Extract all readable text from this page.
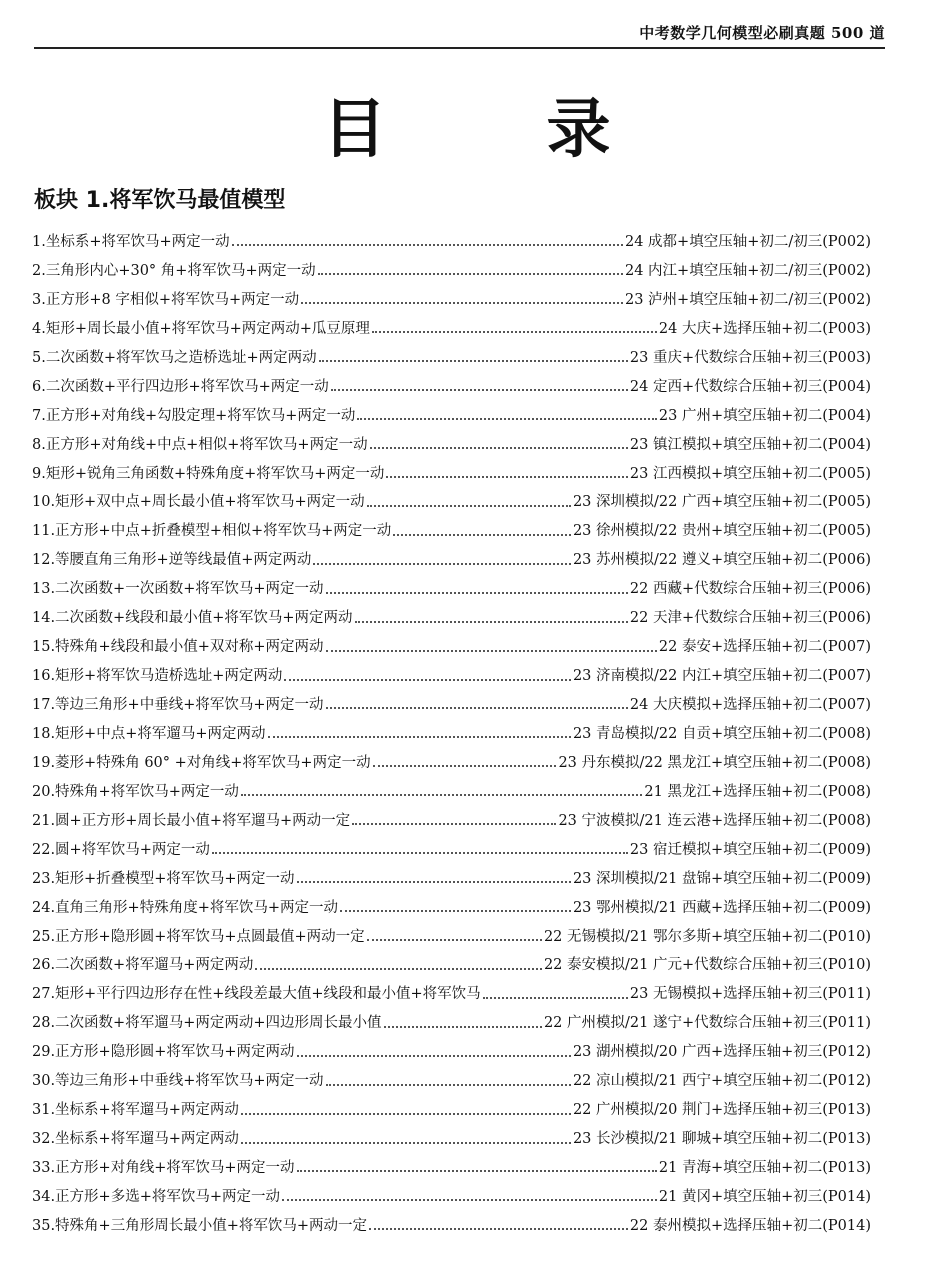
中考数学几何模型必刷真题 500 道
目	录
板块 1.将军饮马最值模型
1.坐标系+将军饮马+两定一动	24 成都+填空压轴+初二/初三(P002)
2.三角形内心+30° 角+将军饮马+两定一动	24 内江+填空压轴+初二/初三(P002)
3.正方形+8 字相似+将军饮马+两定一动	23 泸州+填空压轴+初二/初三(P002)
4.矩形+周长最小值+将军饮马+两定两动+瓜豆原理	24 大庆+选择压轴+初二(P003)
5.二次函数+将军饮马之造桥选址+两定两动	23 重庆+代数综合压轴+初三(P003)
6.二次函数+平行四边形+将军饮马+两定一动	24 定西+代数综合压轴+初三(P004)
7.正方形+对角线+勾股定理+将军饮马+两定一动	23 广州+填空压轴+初二(P004)
8.正方形+对角线+中点+相似+将军饮马+两定一动	23 镇江模拟+填空压轴+初二(P004)
9.矩形+锐角三角函数+特殊角度+将军饮马+两定一动	23 江西模拟+填空压轴+初二(P005)
10.矩形+双中点+周长最小值+将军饮马+两定一动	23 深圳模拟/22 广西+填空压轴+初二(P005)
11.正方形+中点+折叠模型+相似+将军饮马+两定一动	23 徐州模拟/22 贵州+填空压轴+初二(P005)
12.等腰直角三角形+逆等线最值+两定两动	23 苏州模拟/22 遵义+填空压轴+初二(P006)
13.二次函数+一次函数+将军饮马+两定一动	22 西藏+代数综合压轴+初三(P006)
14.二次函数+线段和最小值+将军饮马+两定两动	22 天津+代数综合压轴+初三(P006)
15.特殊角+线段和最小值+双对称+两定两动	22 泰安+选择压轴+初二(P007)
16.矩形+将军饮马造桥选址+两定两动	23 济南模拟/22 内江+填空压轴+初二(P007)
17.等边三角形+中垂线+将军饮马+两定一动	24 大庆模拟+选择压轴+初二(P007)
18.矩形+中点+将军遛马+两定两动	23 青岛模拟/22 自贡+填空压轴+初二(P008)
19.菱形+特殊角 60° +对角线+将军饮马+两定一动	23 丹东模拟/22 黑龙江+填空压轴+初二(P008)
20.特殊角+将军饮马+两定一动	21 黑龙江+选择压轴+初二(P008)
21.圆+正方形+周长最小值+将军遛马+两动一定	23 宁波模拟/21 连云港+选择压轴+初二(P008)
22.圆+将军饮马+两定一动	23 宿迁模拟+填空压轴+初二(P009)
23.矩形+折叠模型+将军饮马+两定一动	23 深圳模拟/21 盘锦+填空压轴+初二(P009)
24.直角三角形+特殊角度+将军饮马+两定一动	23 鄂州模拟/21 西藏+选择压轴+初二(P009)
25.正方形+隐形圆+将军饮马+点圆最值+两动一定	22 无锡模拟/21 鄂尔多斯+填空压轴+初二(P010)
26.二次函数+将军遛马+两定两动	22 泰安模拟/21 广元+代数综合压轴+初三(P010)
27.矩形+平行四边形存在性+线段差最大值+线段和最小值+将军饮马	23 无锡模拟+选择压轴+初三(P011)
28.二次函数+将军遛马+两定两动+四边形周长最小值	22 广州模拟/21 遂宁+代数综合压轴+初三(P011)
29.正方形+隐形圆+将军饮马+两定两动	23 湖州模拟/20 广西+选择压轴+初三(P012)
30.等边三角形+中垂线+将军饮马+两定一动	22 凉山模拟/21 西宁+填空压轴+初二(P012)
31.坐标系+将军遛马+两定两动	22 广州模拟/20 荆门+选择压轴+初三(P013)
32.坐标系+将军遛马+两定两动	23 长沙模拟/21 聊城+填空压轴+初二(P013)
33.正方形+对角线+将军饮马+两定一动	21 青海+填空压轴+初二(P013)
34.正方形+多选+将军饮马+两定一动	21 黄冈+填空压轴+初三(P014)
35.特殊角+三角形周长最小值+将军饮马+两动一定	22 泰州模拟+选择压轴+初二(P014)
